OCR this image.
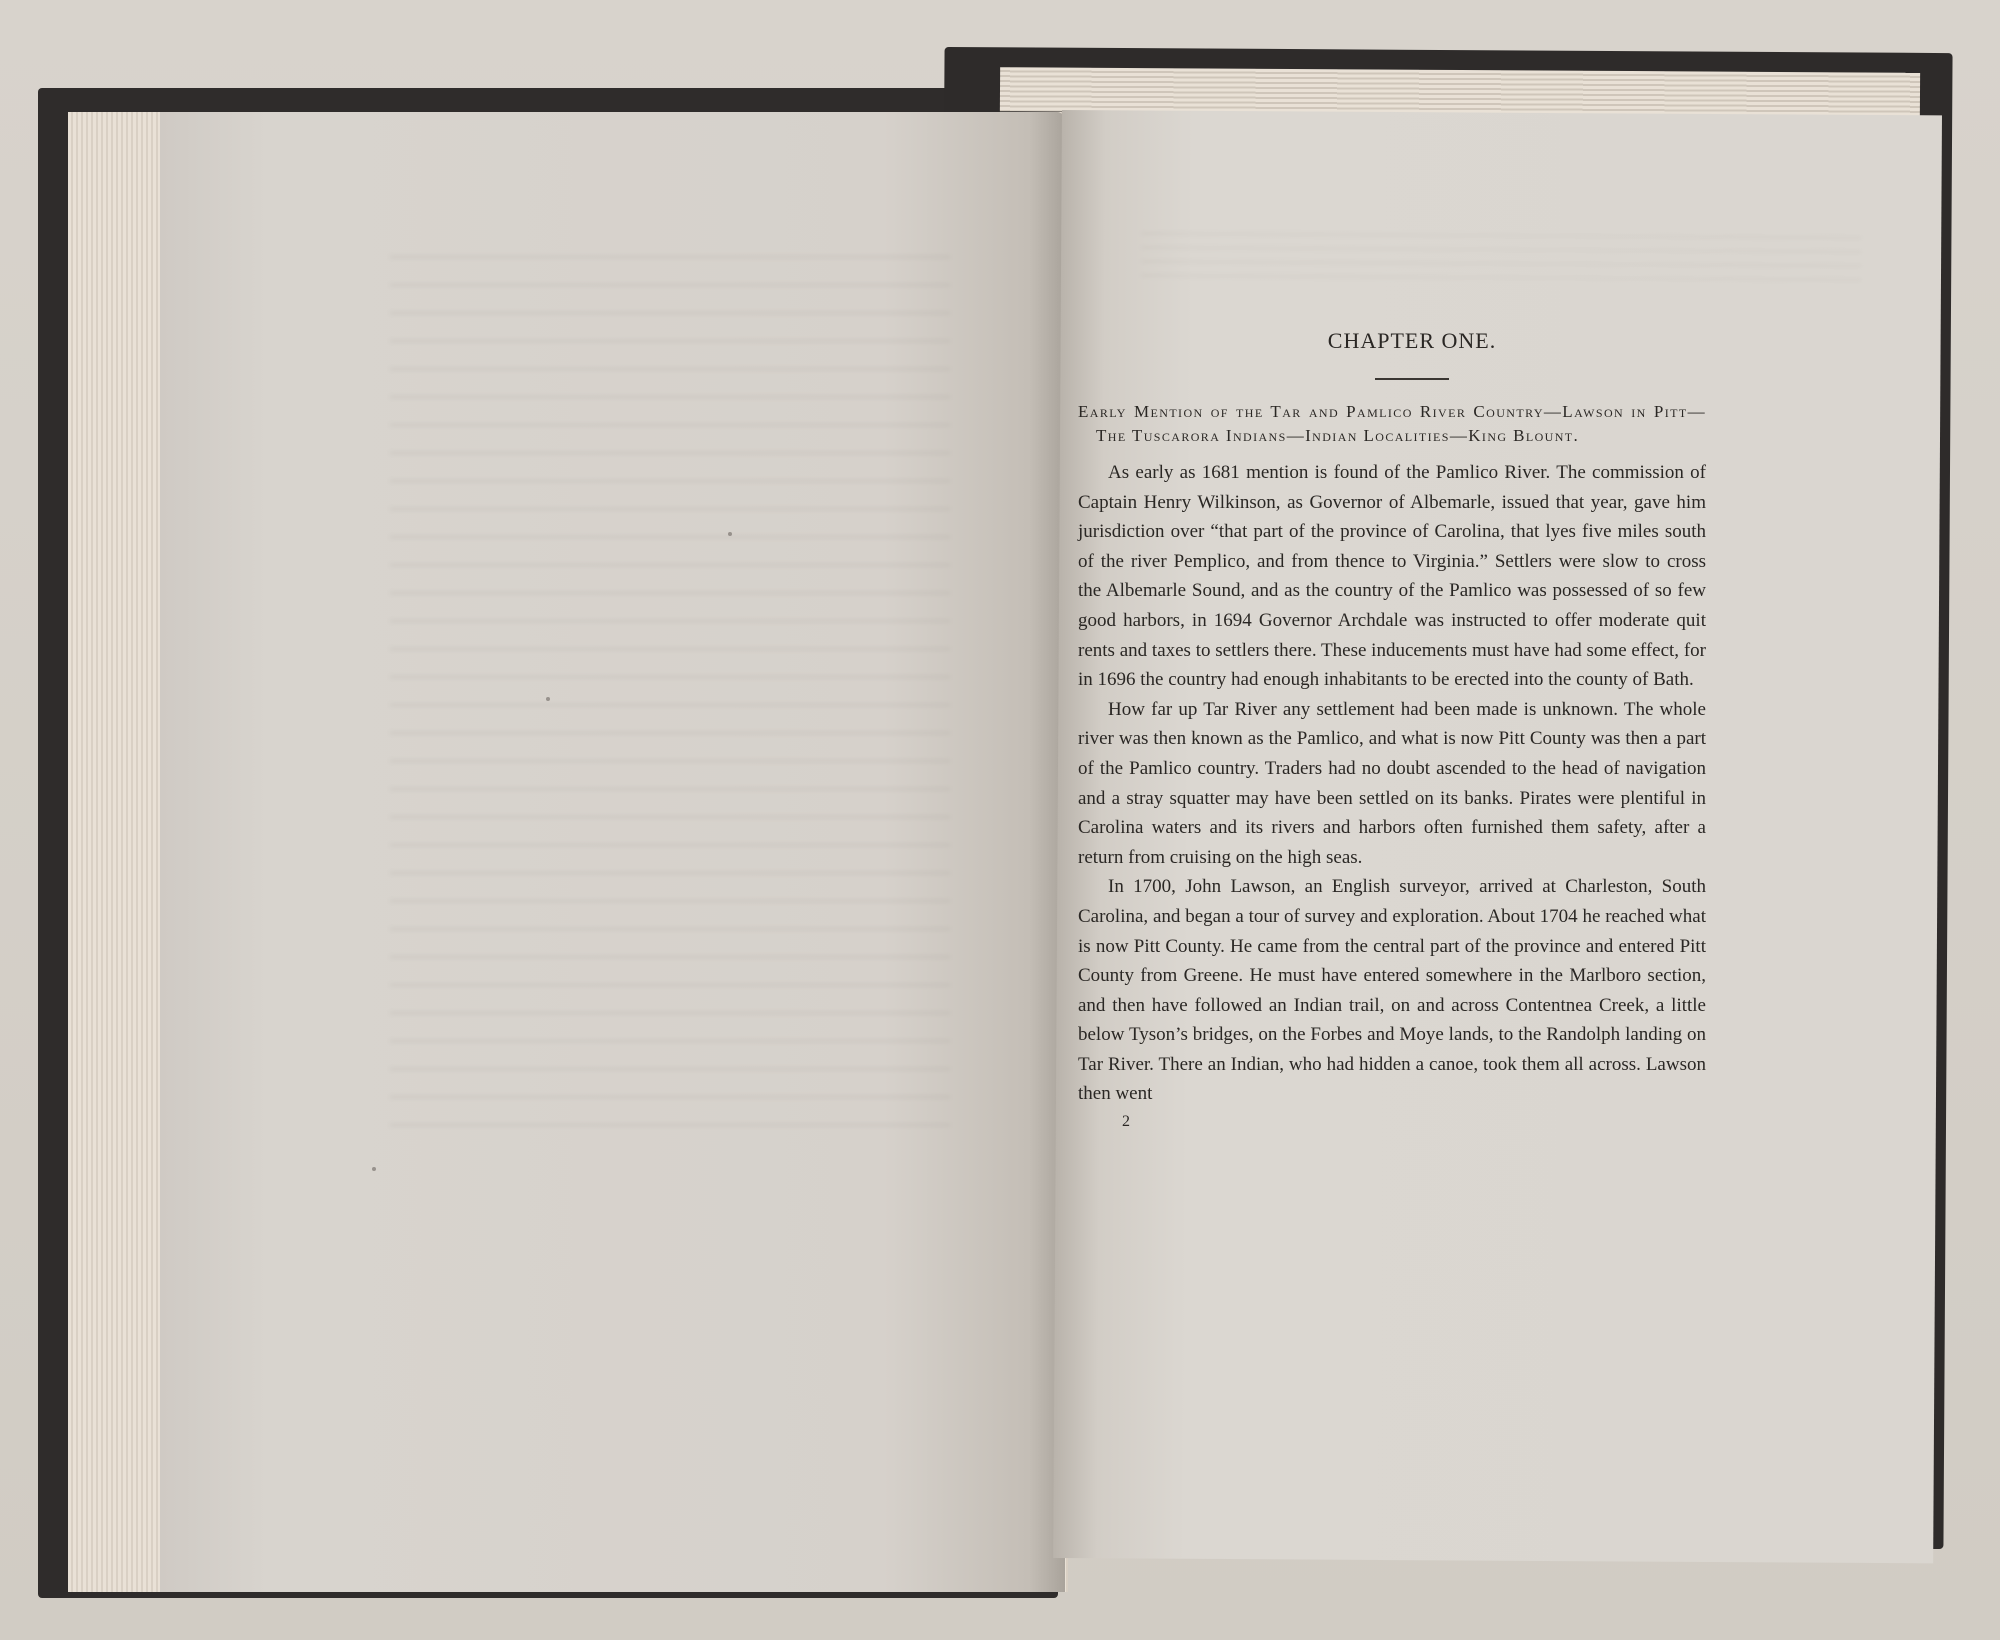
CHAPTER ONE.

Early Mention of the Tar and Pamlico River Country—Lawson in Pitt—The Tuscarora Indians—Indian Localities—King Blount.

As early as 1681 mention is found of the Pamlico River. The commission of Captain Henry Wilkinson, as Governor of Albemarle, issued that year, gave him jurisdiction over “that part of the province of Carolina, that lyes five miles south of the river Pemplico, and from thence to Virginia.” Settlers were slow to cross the Albemarle Sound, and as the country of the Pamlico was possessed of so few good harbors, in 1694 Governor Archdale was instructed to offer moderate quit rents and taxes to settlers there. These inducements must have had some effect, for in 1696 the country had enough inhabitants to be erected into the county of Bath.

How far up Tar River any settlement had been made is unknown. The whole river was then known as the Pamlico, and what is now Pitt County was then a part of the Pamlico country. Traders had no doubt ascended to the head of navigation and a stray squatter may have been settled on its banks. Pirates were plentiful in Carolina waters and its rivers and harbors often furnished them safety, after a return from cruising on the high seas.

In 1700, John Lawson, an English surveyor, arrived at Charleston, South Carolina, and began a tour of survey and exploration. About 1704 he reached what is now Pitt County. He came from the central part of the province and entered Pitt County from Greene. He must have entered somewhere in the Marlboro section, and then have followed an Indian trail, on and across Contentnea Creek, a little below Tyson’s bridges, on the Forbes and Moye lands, to the Randolph landing on Tar River. There an Indian, who had hidden a canoe, took them all across. Lawson then went

2
